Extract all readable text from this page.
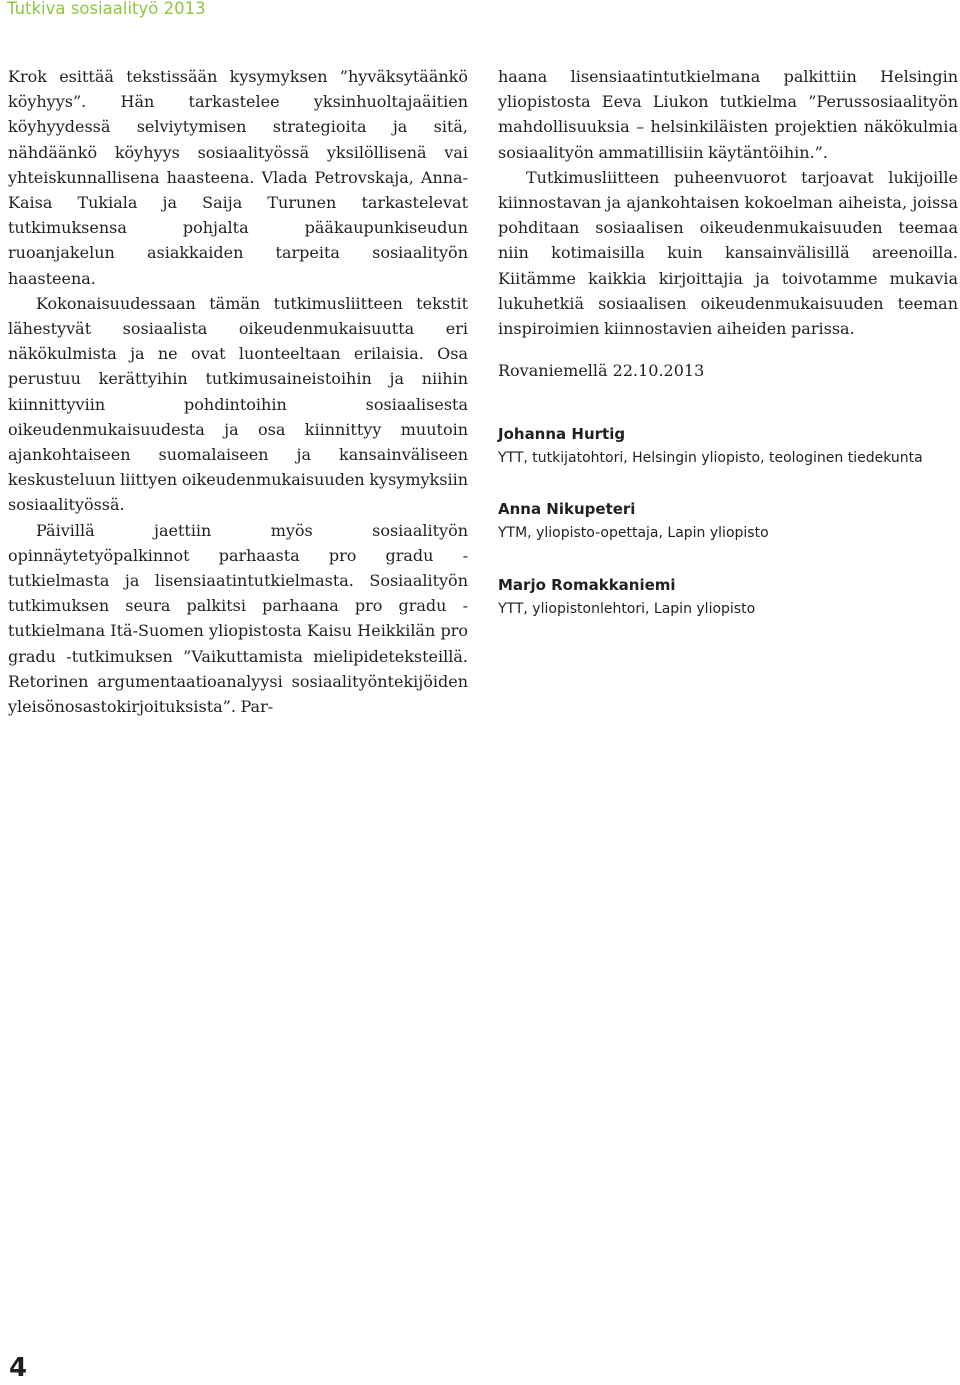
Tutkiva sosiaalityö 2013

Krok esittää tekstissään kysymyksen ”hyväksytäänkö köyhyys”. Hän tarkastelee yksinhuoltajaäitien köyhyydessä selviytymisen strategioita ja sitä, nähdäänkö köyhyys sosiaalityössä yksilöllisenä vai yhteiskunnallisena haasteena. Vlada Petrovskaja, Anna-Kaisa Tukiala ja Saija Turunen tarkastelevat tutkimuksensa pohjalta pääkaupunkiseudun ruoanjakelun asiakkaiden tarpeita sosiaalityön haasteena.

Kokonaisuudessaan tämän tutkimusliitteen tekstit lähestyvät sosiaalista oikeudenmukaisuutta eri näkökulmista ja ne ovat luonteeltaan erilaisia. Osa perustuu kerättyihin tutkimusaineistoihin ja niihin kiinnittyviin pohdintoihin sosiaalisesta oikeudenmukaisuudesta ja osa kiinnittyy muutoin ajankohtaiseen suomalaiseen ja kansainväliseen keskusteluun liittyen oikeudenmukaisuuden kysymyksiin sosiaalityössä.

Päivillä jaettiin myös sosiaalityön opinnäytetyöpalkinnot parhaasta pro gradu -tutkielmasta ja lisensiaatintutkielmasta. Sosiaalityön tutkimuksen seura palkitsi parhaana pro gradu -tutkielmana Itä-Suomen yliopistosta Kaisu Heikkilän pro gradu -tutkimuksen ”Vaikuttamista mielipideteksteillä. Retorinen argumentaatioanalyysi sosiaalityöntekijöiden yleisönosastokirjoituksista”. Par-

haana lisensiaatintutkielmana palkittiin Helsingin yliopistosta Eeva Liukon tutkielma ”Perussosiaalityön mahdollisuuksia – helsinkiläisten projektien näkökulmia sosiaalityön ammatillisiin käytäntöihin.”.

Tutkimusliitteen puheenvuorot tarjoavat lukijoille kiinnostavan ja ajankohtaisen kokoelman aiheista, joissa pohditaan sosiaalisen oikeudenmukaisuuden teemaa niin kotimaisilla kuin kansainvälisillä areenoilla. Kiitämme kaikkia kirjoittajia ja toivotamme mukavia lukuhetkiä sosiaalisen oikeudenmukaisuuden teeman inspiroimien kiinnostavien aiheiden parissa.

Rovaniemellä 22.10.2013
Johanna Hurtig
YTT, tutkijatohtori, Helsingin yliopisto, teologinen tiedekunta
Anna Nikupeteri
YTM, yliopisto-opettaja, Lapin yliopisto
Marjo Romakkaniemi
YTT, yliopistonlehtori, Lapin yliopisto
4
